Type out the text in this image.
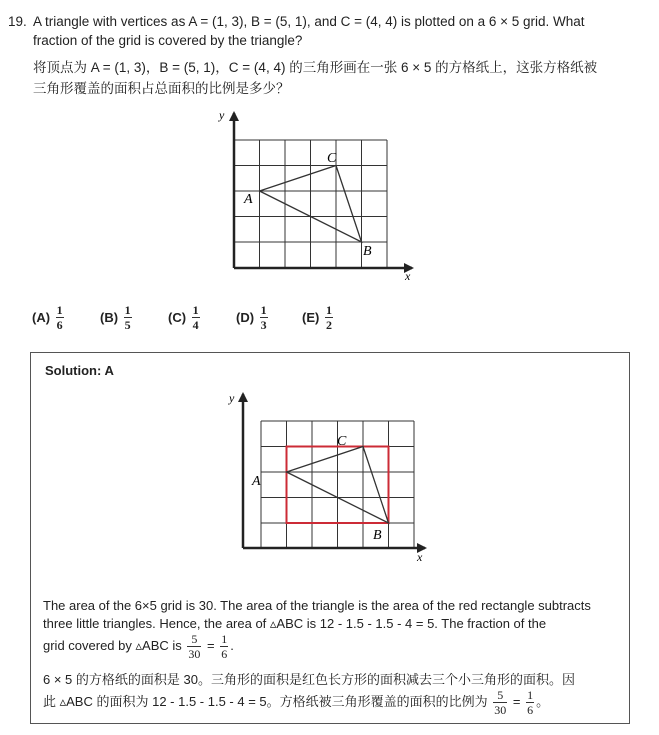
19. A triangle with vertices as A = (1, 3), B = (5, 1), and C = (4, 4) is plotted on a 6 × 5 grid. What
fraction of the grid is covered by the triangle?
将顶点为 A = (1, 3)，B = (5, 1)，C = (4, 4) 的三角形画在一张 6 × 5 的方格纸上，这张方格纸被
三角形覆盖的面积占总面积的比例是多少？
y
x
A
B
C
$(A) \frac{1}{6}$	$(B) \frac{1}{5}$	$(C) \frac{1}{4}$	$(D) \frac{1}{3}$	$(E) \frac{1}{2}$
Solution: A
y
x
A
B
C
The area of the 6×5 grid is 30. The area of the triangle is the area of the red rectangle subtracts
three little triangles. Hence, the area of ▵ABC is 12 - 1.5 - 1.5 - 4 = 5. The fraction of the
grid covered by ▵ABC is $\frac{5}{30} = \frac{1}{6}$ .
6 × 5 的方格纸的面积是 30。三角形的面积是红色长方形的面积减去三个小三角形的面积。因
此 ▵ABC 的面积为 12 - 1.5 - 1.5 - 4 = 5。方格纸被三角形覆盖的面积的比例为 $\frac{5}{30} = \frac{1}{6}$ 。
